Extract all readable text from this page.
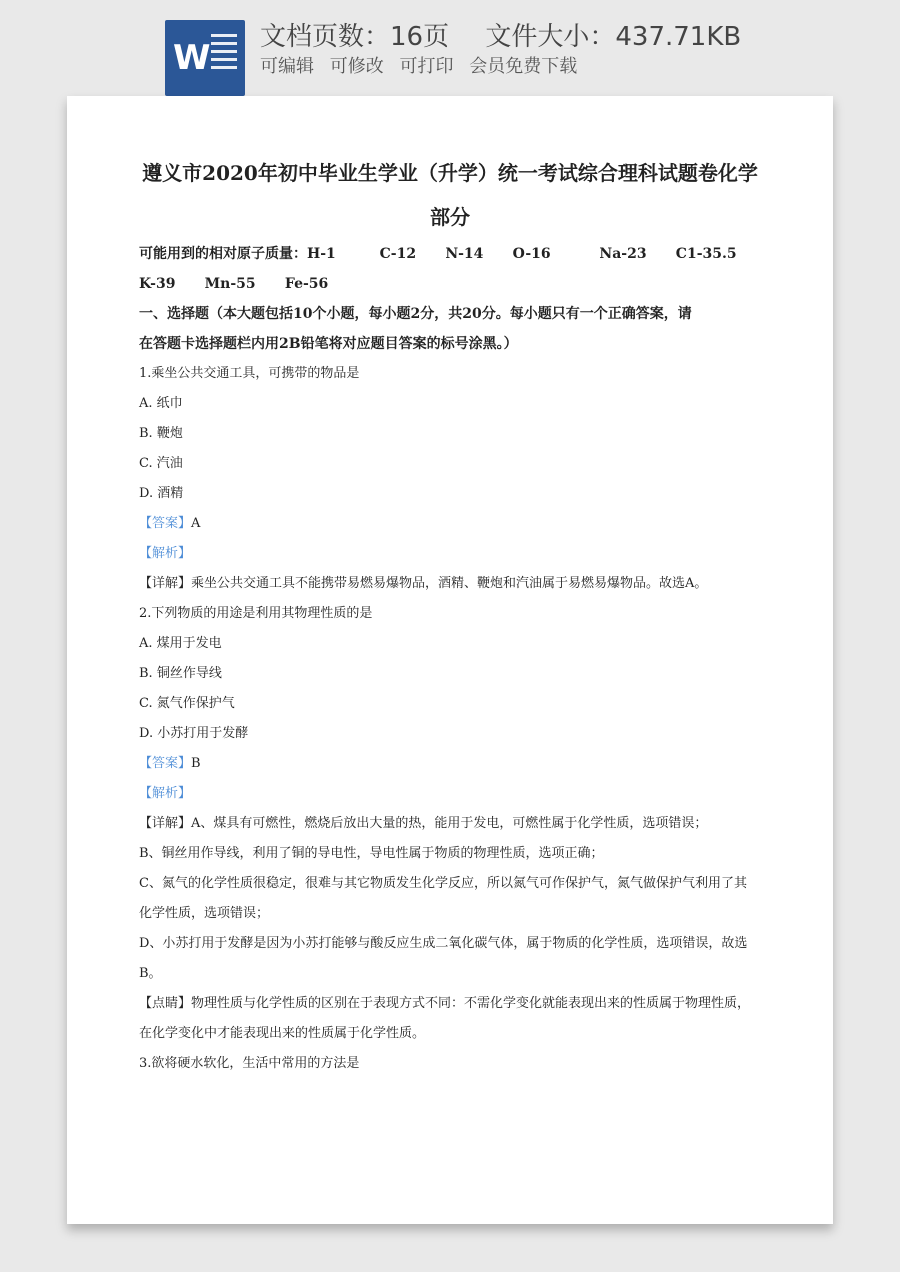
W
文档页数：16页 文件大小：437.71KB
可编辑 可修改 可打印 会员免费下载

遵义市2020年初中毕业生学业（升学）统一考试综合理科试题卷化学

部分

可能用到的相对原子质量：H-1         C-12      N-14      O-16          Na-23      C1-35.5

K-39      Mn-55      Fe-56

一、选择题（本大题包括10个小题，每小题2分，共20分。每小题只有一个正确答案，请

在答题卡选择题栏内用2B铅笔将对应题目答案的标号涂黑。）

1.乘坐公共交通工具，可携带的物品是

A. 纸巾

B. 鞭炮

C. 汽油

D. 酒精

【答案】A

【解析】

【详解】乘坐公共交通工具不能携带易燃易爆物品，酒精、鞭炮和汽油属于易燃易爆物品。故选A。

2.下列物质的用途是利用其物理性质的是

A. 煤用于发电

B. 铜丝作导线

C. 氮气作保护气

D. 小苏打用于发酵

【答案】B

【解析】

【详解】A、煤具有可燃性，燃烧后放出大量的热，能用于发电，可燃性属于化学性质，选项错误；

B、铜丝用作导线，利用了铜的导电性，导电性属于物质的物理性质，选项正确；

C、氮气的化学性质很稳定，很难与其它物质发生化学反应，所以氮气可作保护气，氮气做保护气利用了其

化学性质，选项错误；

D、小苏打用于发酵是因为小苏打能够与酸反应生成二氧化碳气体，属于物质的化学性质，选项错误，故选

B。

【点睛】物理性质与化学性质的区别在于表现方式不同：不需化学变化就能表现出来的性质属于物理性质，

在化学变化中才能表现出来的性质属于化学性质。

3.欲将硬水软化，生活中常用的方法是
